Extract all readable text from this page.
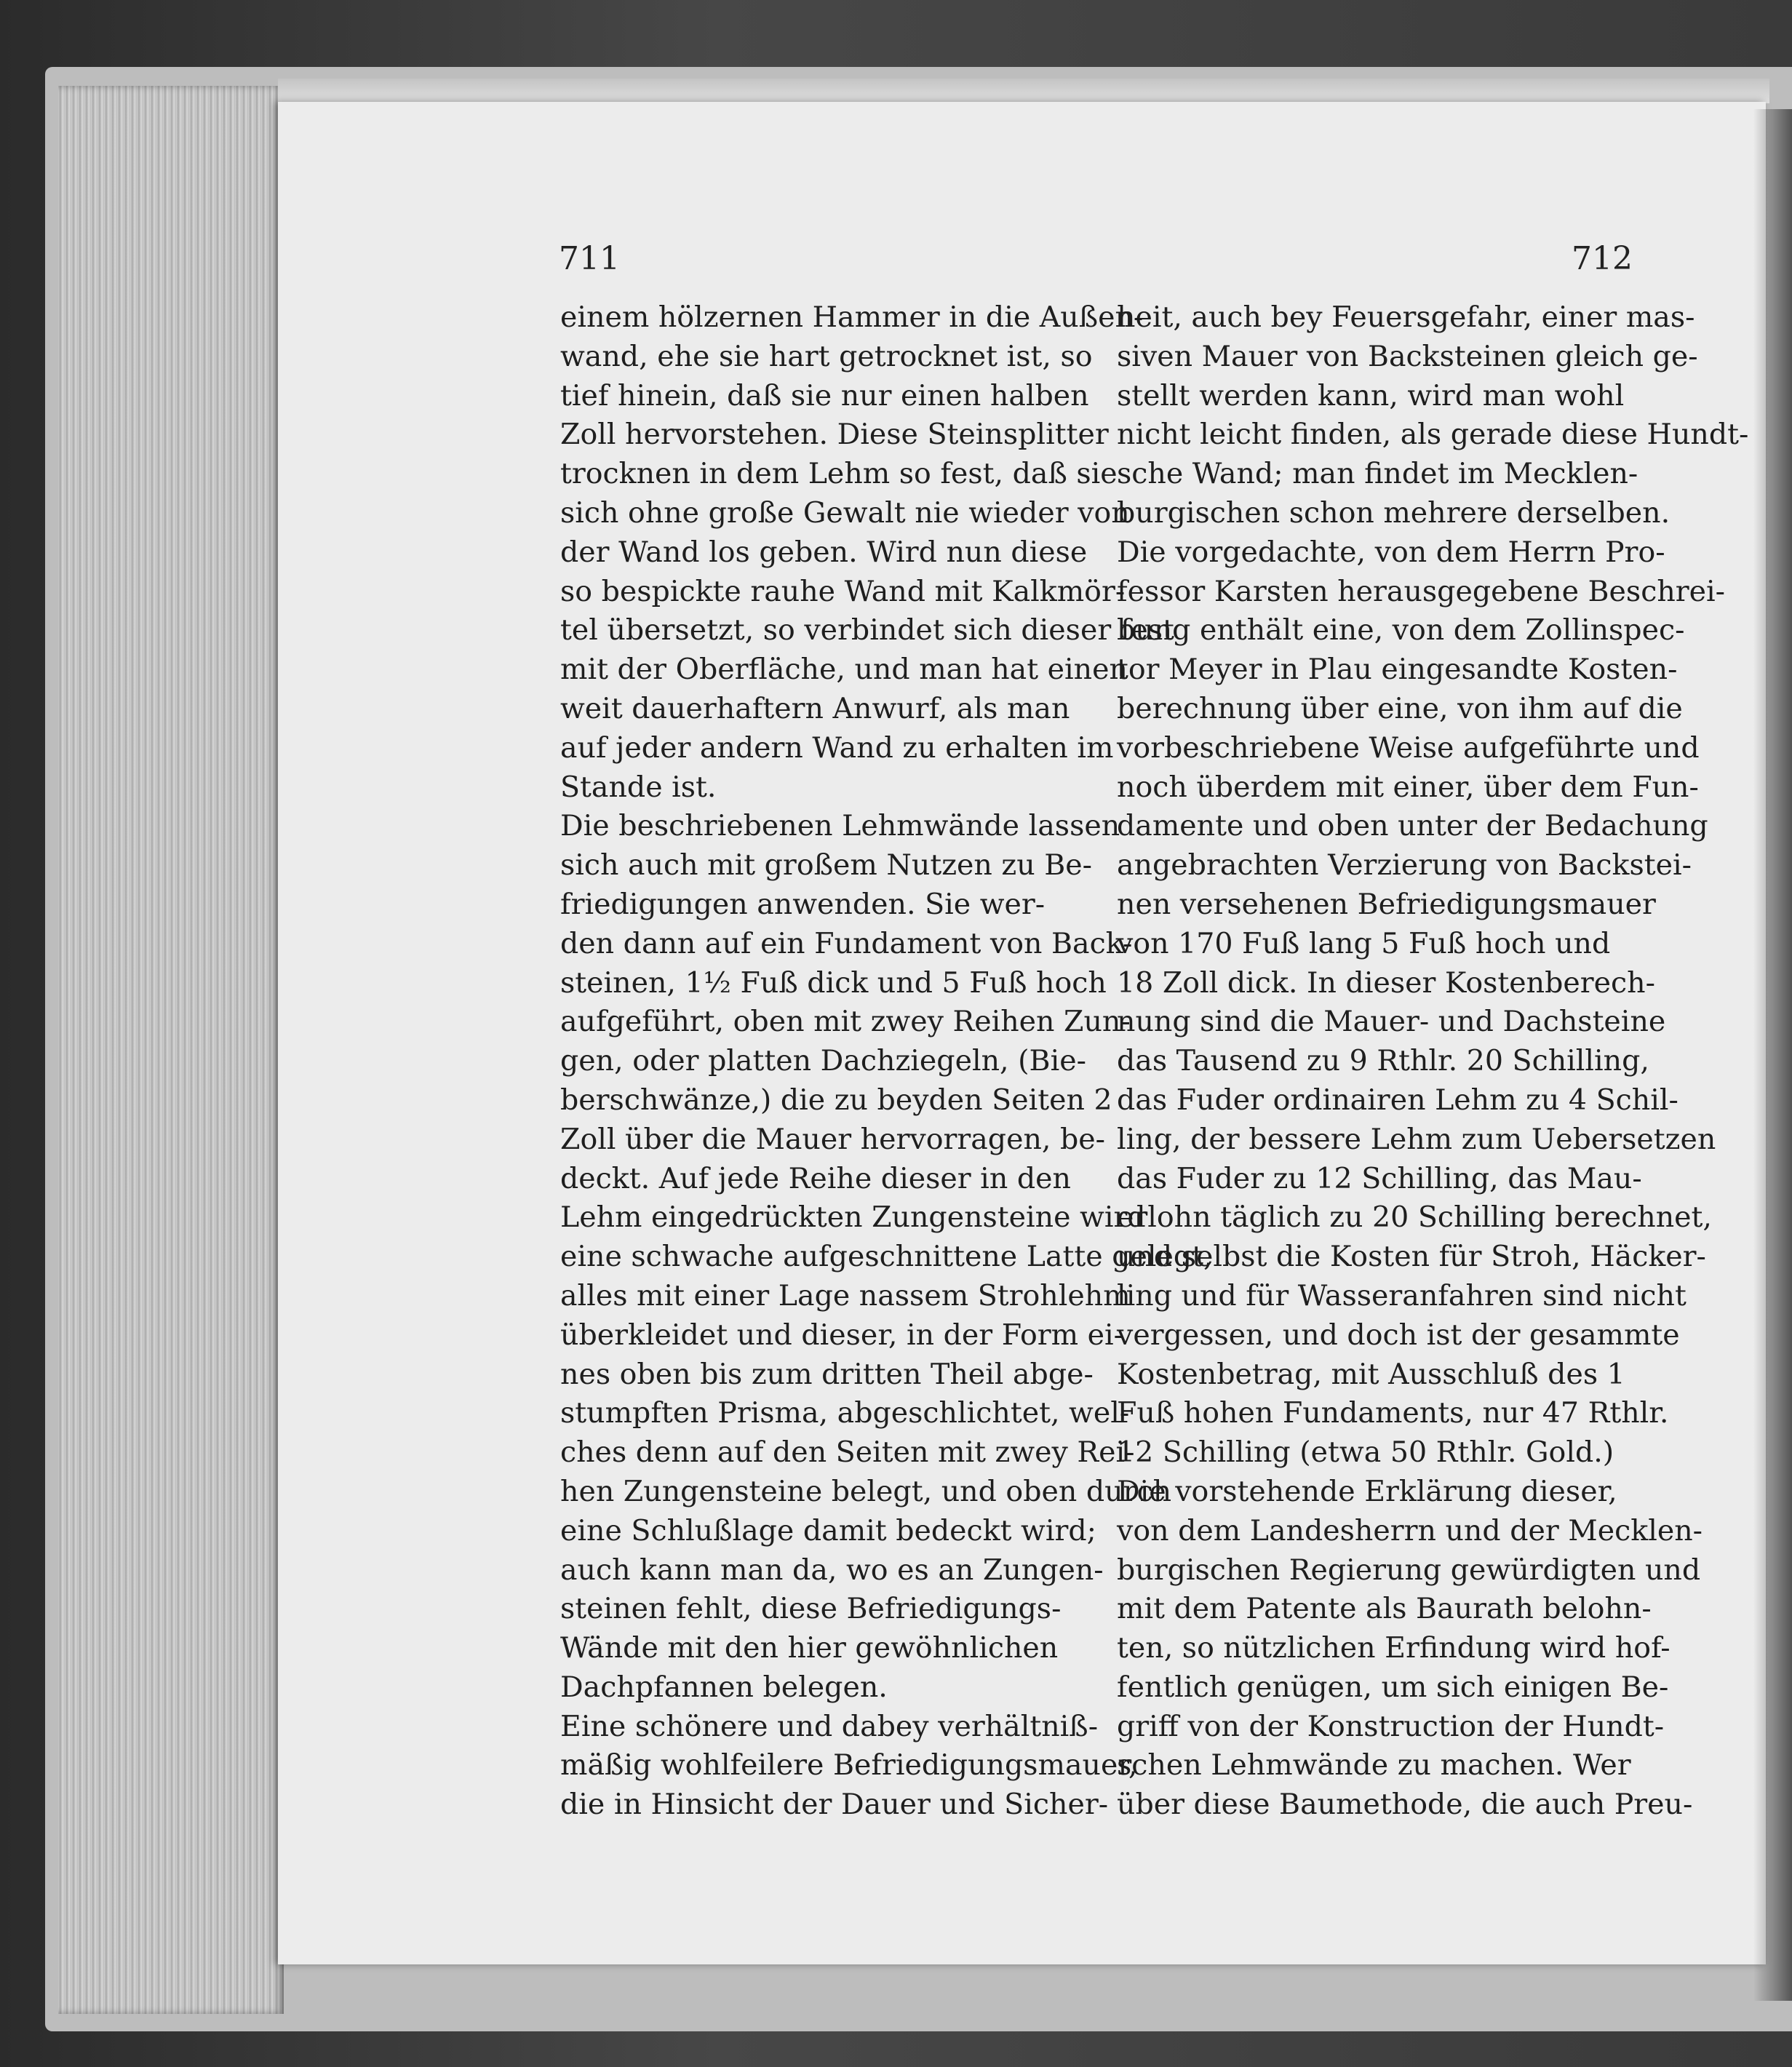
711	712
einem hölzernen Hammer in die Außen-
wand, ehe sie hart getrocknet ist, so
tief hinein, daß sie nur einen halben
Zoll hervorstehen. Diese Steinsplitter
trocknen in dem Lehm so fest, daß sie
sich ohne große Gewalt nie wieder von
der Wand los geben. Wird nun diese
so bespickte rauhe Wand mit Kalkmör-
tel übersetzt, so verbindet sich dieser fest
mit der Oberfläche, und man hat einen
weit dauerhaftern Anwurf, als man
auf jeder andern Wand zu erhalten im
Stande ist.
Die beschriebenen Lehmwände lassen
sich auch mit großem Nutzen zu Be-
friedigungen anwenden. Sie wer-
den dann auf ein Fundament von Back-
steinen, 1½ Fuß dick und 5 Fuß hoch
aufgeführt, oben mit zwey Reihen Zun-
gen, oder platten Dachziegeln, (Bie-
berschwänze,) die zu beyden Seiten 2
Zoll über die Mauer hervorragen, be-
deckt. Auf jede Reihe dieser in den
Lehm eingedrückten Zungensteine wird
eine schwache aufgeschnittene Latte gelegt,
alles mit einer Lage nassem Strohlehm
überkleidet und dieser, in der Form ei-
nes oben bis zum dritten Theil abge-
stumpften Prisma, abgeschlichtet, wel-
ches denn auf den Seiten mit zwey Rei-
hen Zungensteine belegt, und oben durch
eine Schlußlage damit bedeckt wird;
auch kann man da, wo es an Zungen-
steinen fehlt, diese Befriedigungs-
Wände mit den hier gewöhnlichen
Dachpfannen belegen.
Eine schönere und dabey verhältniß-
mäßig wohlfeilere Befriedigungsmauer,
die in Hinsicht der Dauer und Sicher-
heit, auch bey Feuersgefahr, einer mas-
siven Mauer von Backsteinen gleich ge-
stellt werden kann, wird man wohl
nicht leicht finden, als gerade diese Hundt-
sche Wand; man findet im Mecklen-
burgischen schon mehrere derselben.
Die vorgedachte, von dem Herrn Pro-
fessor Karsten herausgegebene Beschrei-
bung enthält eine, von dem Zollinspec-
tor Meyer in Plau eingesandte Kosten-
berechnung über eine, von ihm auf die
vorbeschriebene Weise aufgeführte und
noch überdem mit einer, über dem Fun-
damente und oben unter der Bedachung
angebrachten Verzierung von Backstei-
nen versehenen Befriedigungsmauer
von 170 Fuß lang 5 Fuß hoch und
18 Zoll dick. In dieser Kostenberech-
nung sind die Mauer- und Dachsteine
das Tausend zu 9 Rthlr. 20 Schilling,
das Fuder ordinairen Lehm zu 4 Schil-
ling, der bessere Lehm zum Uebersetzen
das Fuder zu 12 Schilling, das Mau-
erlohn täglich zu 20 Schilling berechnet,
und selbst die Kosten für Stroh, Häcker-
ling und für Wasseranfahren sind nicht
vergessen, und doch ist der gesammte
Kostenbetrag, mit Ausschluß des 1
Fuß hohen Fundaments, nur 47 Rthlr.
12 Schilling (etwa 50 Rthlr. Gold.)
Die vorstehende Erklärung dieser,
von dem Landesherrn und der Mecklen-
burgischen Regierung gewürdigten und
mit dem Patente als Baurath belohn-
ten, so nützlichen Erfindung wird hof-
fentlich genügen, um sich einigen Be-
griff von der Konstruction der Hundt-
schen Lehmwände zu machen. Wer
über diese Baumethode, die auch Preu-
